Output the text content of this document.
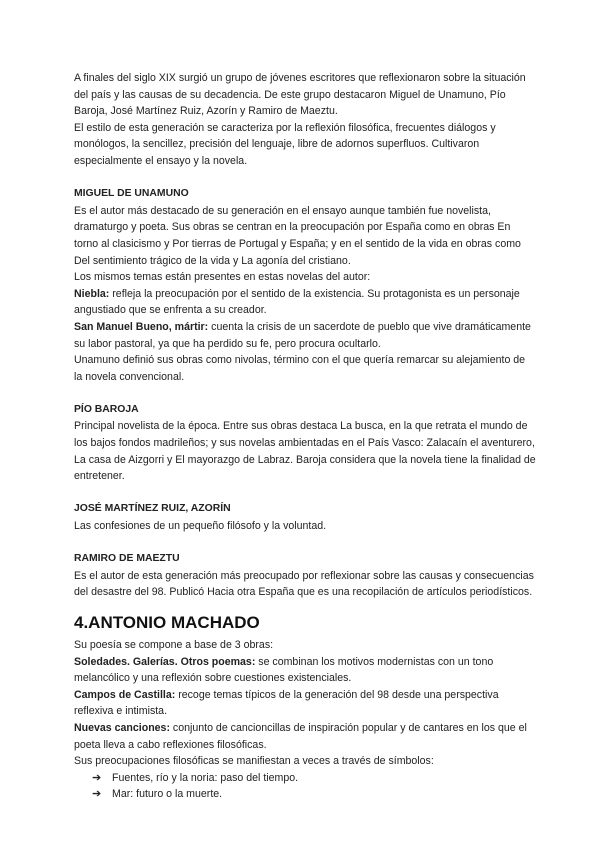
A finales del siglo XIX surgió un grupo de jóvenes escritores que reflexionaron sobre la situación del país y las causas de su decadencia. De este grupo destacaron Miguel de Unamuno, Pío Baroja, José Martínez Ruiz, Azorín y Ramiro de Maeztu.

El estilo de esta generación se caracteriza por la reflexión filosófica, frecuentes diálogos y monólogos, la sencillez, precisión del lenguaje, libre de adornos superfluos. Cultivaron especialmente el ensayo y la novela.

MIGUEL DE UNAMUNO

Es el autor más destacado de su generación en el ensayo aunque también fue novelista, dramaturgo y poeta. Sus obras se centran en la preocupación por España como en obras En torno al clasicismo y Por tierras de Portugal y España; y en el sentido de la vida en obras como Del sentimiento trágico de la vida y La agonía del cristiano.

Los mismos temas están presentes en estas novelas del autor:

Niebla: refleja la preocupación por el sentido de la existencia. Su protagonista es un personaje angustiado que se enfrenta a su creador.

San Manuel Bueno, mártir: cuenta la crisis de un sacerdote de pueblo que vive dramáticamente su labor pastoral, ya que ha perdido su fe, pero procura ocultarlo.

Unamuno definió sus obras como nivolas, término con el que quería remarcar su alejamiento de la novela convencional.

PÍO BAROJA

Principal novelista de la época. Entre sus obras destaca La busca, en la que retrata el mundo de los bajos fondos madrileños; y sus novelas ambientadas en el País Vasco: Zalacaín el aventurero, La casa de Aizgorri y El mayorazgo de Labraz. Baroja considera que la novela tiene la finalidad de entretener.

JOSÉ MARTÍNEZ RUIZ, AZORÍN

Las confesiones de un pequeño filósofo y la voluntad.

RAMIRO DE MAEZTU

Es el autor de esta generación más preocupado por reflexionar sobre las causas y consecuencias del desastre del 98. Publicó Hacia otra España que es una recopilación de artículos periodísticos.

4.ANTONIO MACHADO

Su poesía se compone a base de 3 obras:

Soledades. Galerías. Otros poemas: se combinan los motivos modernistas con un tono melancólico y una reflexión sobre cuestiones existenciales.

Campos de Castilla: recoge temas típicos de la generación del 98 desde una perspectiva reflexiva e intimista.

Nuevas canciones: conjunto de cancioncillas de inspiración popular y de cantares en los que el poeta lleva a cabo reflexiones filosóficas.

Sus preocupaciones filosóficas se manifiestan a veces a través de símbolos:

➔ Fuentes, río y la noria: paso del tiempo.
➔ Mar: futuro o la muerte.
